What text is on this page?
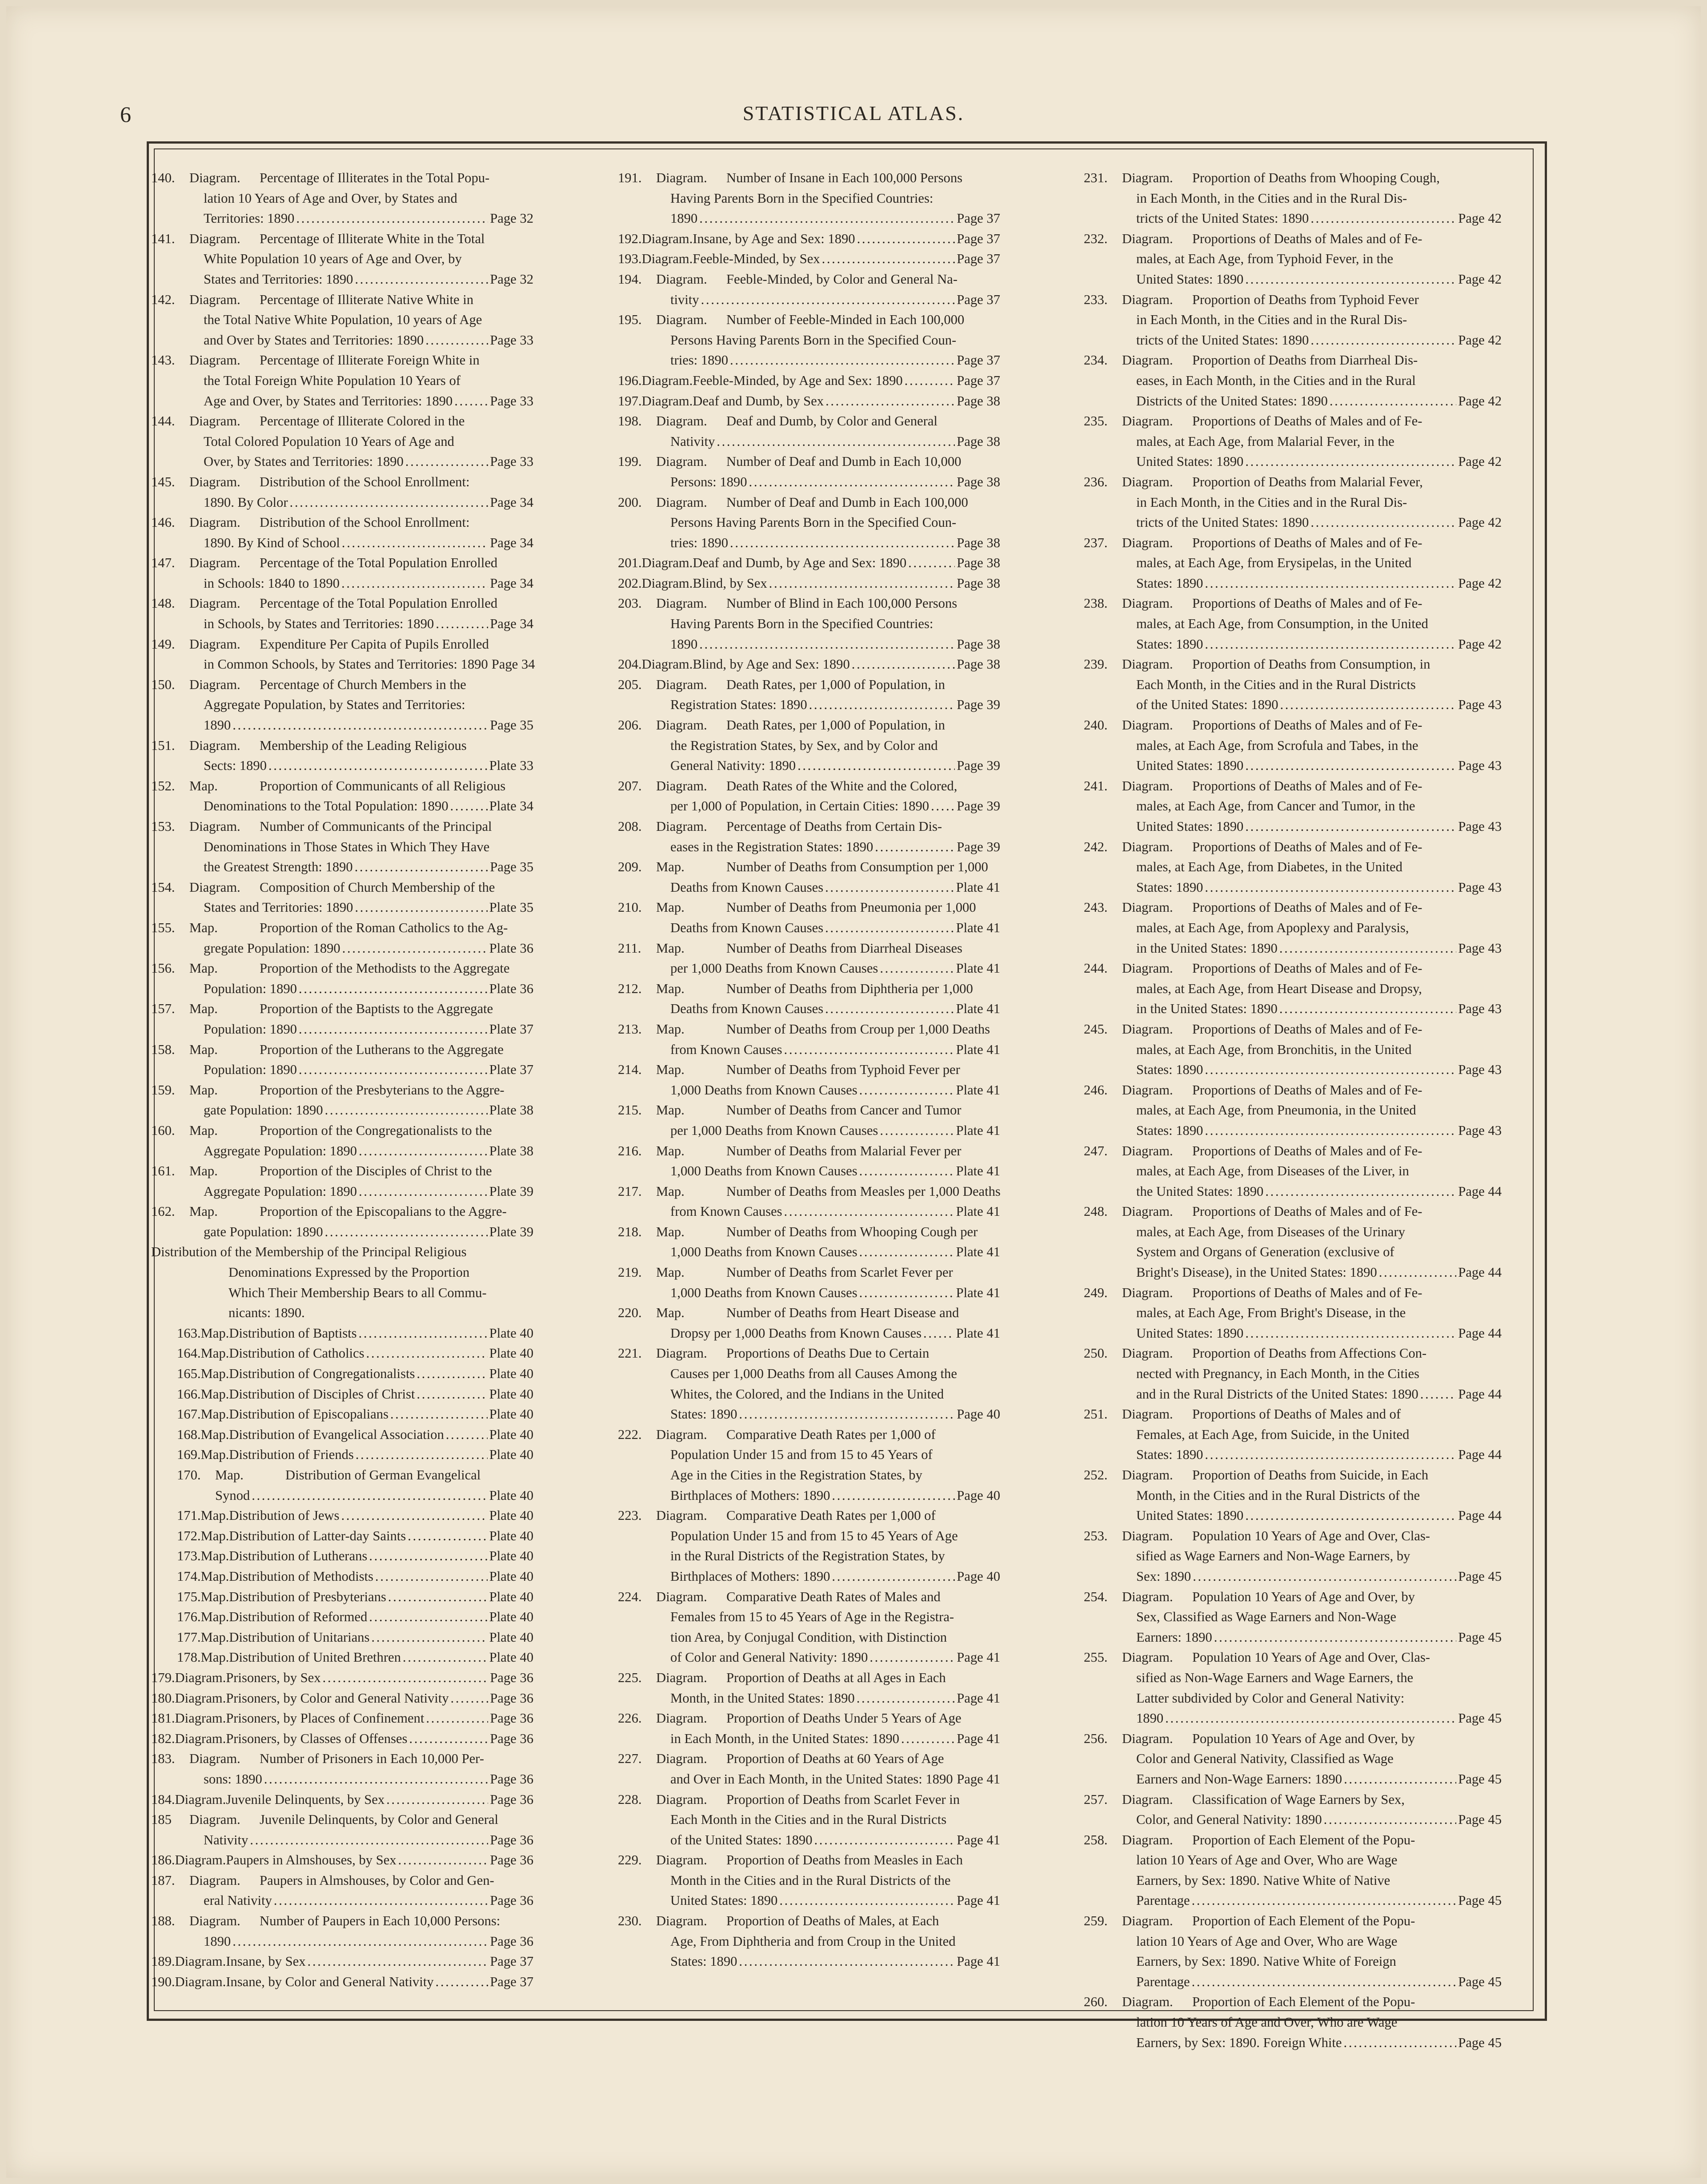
6	STATISTICAL ATLAS.
140. Diagram. Percentage of Illiterates in the Total Popu-
lation 10 Years of Age and Over, by States and
Territories: 1890 . . .	Page 32
141. Diagram. Percentage of Illiterate White in the Total
White Population 10 years of Age and Over, by
States and Territories: 1890 . . .	Page 32
142. Diagram. Percentage of Illiterate Native White in
the Total Native White Population, 10 years of Age
and Over by States and Territories: 1890 . . .	Page 33
143. Diagram. Percentage of Illiterate Foreign White in
the Total Foreign White Population 10 Years of
Age and Over, by States and Territories: 1890 . . .	Page 33
144. Diagram. Percentage of Illiterate Colored in the
Total Colored Population 10 Years of Age and
Over, by States and Territories: 1890 . . .	Page 33
145. Diagram. Distribution of the School Enrollment:
1890. By Color . . .	Page 34
146. Diagram. Distribution of the School Enrollment:
1890. By Kind of School . . .	Page 34
147. Diagram. Percentage of the Total Population Enrolled
in Schools: 1840 to 1890 . . .	Page 34
148. Diagram. Percentage of the Total Population Enrolled
in Schools, by States and Territories: 1890 . . .	Page 34
149. Diagram. Expenditure Per Capita of Pupils Enrolled
in Common Schools, by States and Territories: 1890 Page 34
150. Diagram. Percentage of Church Members in the
Aggregate Population, by States and Territories:
1890 . . .	Page 35
151. Diagram. Membership of the Leading Religious
Sects: 1890 . . .	Plate 33
152. Map.	Proportion of Communicants of all Religious
Denominations to the Total Population: 1890 . . .	Plate 34
153. Diagram. Number of Communicants of the Principal
Denominations in Those States in Which They Have
the Greatest Strength: 1890 . . .	Page 35
154. Diagram. Composition of Church Membership of the
States and Territories: 1890 . . .	Plate 35
155. Map.	Proportion of the Roman Catholics to the Ag-
gregate Population: 1890 . . .	Plate 36
156. Map.	Proportion of the Methodists to the Aggregate
Population: 1890 . . .	Plate 36
157. Map.	Proportion of the Baptists to the Aggregate
Population: 1890 . . .	Plate 37
158. Map.	Proportion of the Lutherans to the Aggregate
Population: 1890 . . .	Plate 37
159. Map.	Proportion of the Presbyterians to the Aggre-
gate Population: 1890 . . .	Plate 38
160. Map.	Proportion of the Congregationalists to the
Aggregate Population: 1890 . . .	Plate 38
161. Map.	Proportion of the Disciples of Christ to the
Aggregate Population: 1890 . . .	Plate 39
162. Map.	Proportion of the Episcopalians to the Aggre-
gate Population: 1890 . . .	Plate 39
Distribution of the Membership of the Principal Religious
Denominations Expressed by the Proportion
Which Their Membership Bears to all Commu-
nicants: 1890.
163. Map. Distribution of Baptists . . .	Plate 40
164. Map. Distribution of Catholics . . .	Plate 40
165. Map. Distribution of Congregationalists . . .	Plate 40
166. Map. Distribution of Disciples of Christ . . .	Plate 40
167. Map. Distribution of Episcopalians . . .	Plate 40
168. Map. Distribution of Evangelical Association . . .	Plate 40
169. Map. Distribution of Friends . . .	Plate 40
170. Map.	Distribution of German Evangelical
Synod . . .	Plate 40
171. Map. Distribution of Jews . . .	Plate 40
172. Map. Distribution of Latter-day Saints . . .	Plate 40
173. Map. Distribution of Lutherans . . .	Plate 40
174. Map. Distribution of Methodists . . .	Plate 40
175. Map. Distribution of Presbyterians . . .	Plate 40
176. Map. Distribution of Reformed . . .	Plate 40
177. Map. Distribution of Unitarians . . .	Plate 40
178. Map. Distribution of United Brethren . . .	Plate 40
179. Diagram. Prisoners, by Sex . . .	Page 36
180. Diagram. Prisoners, by Color and General Nativity . . .	Page 36
181. Diagram. Prisoners, by Places of Confinement . . .	Page 36
182. Diagram. Prisoners, by Classes of Offenses . . .	Page 36
183. Diagram. Number of Prisoners in Each 10,000 Per-
sons: 1890 . . .	Page 36
184. Diagram. Juvenile Delinquents, by Sex . . .	Page 36
185 Diagram. Juvenile Delinquents, by Color and General
Nativity . . .	Page 36
186. Diagram. Paupers in Almshouses, by Sex . . .	Page 36
187. Diagram. Paupers in Almshouses, by Color and Gen-
eral Nativity . . .	Page 36
188. Diagram. Number of Paupers in Each 10,000 Persons:
1890 . . .	Page 36
189. Diagram. Insane, by Sex . . .	Page 37
190. Diagram. Insane, by Color and General Nativity . . .	Page 37
191. Diagram. Number of Insane in Each 100,000 Persons
Having Parents Born in the Specified Countries:
1890 . . .	Page 37
192. Diagram. Insane, by Age and Sex: 1890 . . .	Page 37
193. Diagram. Feeble-Minded, by Sex . . .	Page 37
194. Diagram. Feeble-Minded, by Color and General Na-
tivity . . .	Page 37
195. Diagram. Number of Feeble-Minded in Each 100,000
Persons Having Parents Born in the Specified Coun-
tries: 1890 . . .	Page 37
196. Diagram. Feeble-Minded, by Age and Sex: 1890 . . .	Page 37
197. Diagram. Deaf and Dumb, by Sex . . .	Page 38
198. Diagram. Deaf and Dumb, by Color and General
Nativity . . .	Page 38
199. Diagram. Number of Deaf and Dumb in Each 10,000
Persons: 1890 . . .	Page 38
200. Diagram. Number of Deaf and Dumb in Each 100,000
Persons Having Parents Born in the Specified Coun-
tries: 1890 . . .	Page 38
201. Diagram. Deaf and Dumb, by Age and Sex: 1890 . . .	Page 38
202. Diagram. Blind, by Sex . . .	Page 38
203. Diagram. Number of Blind in Each 100,000 Persons
Having Parents Born in the Specified Countries:
1890 . . .	Page 38
204. Diagram. Blind, by Age and Sex: 1890 . . .	Page 38
205. Diagram. Death Rates, per 1,000 of Population, in
Registration States: 1890 . . .	Page 39
206. Diagram. Death Rates, per 1,000 of Population, in
the Registration States, by Sex, and by Color and
General Nativity: 1890 . . .	Page 39
207. Diagram. Death Rates of the White and the Colored,
per 1,000 of Population, in Certain Cities: 1890 . . . Page 39
208. Diagram. Percentage of Deaths from Certain Dis-
eases in the Registration States: 1890 . . .	Page 39
209. Map.	Number of Deaths from Consumption per 1,000
Deaths from Known Causes . . .	Plate 41
210. Map.	Number of Deaths from Pneumonia per 1,000
Deaths from Known Causes . . .	Plate 41
211. Map.	Number of Deaths from Diarrheal Diseases
per 1,000 Deaths from Known Causes . . .	Plate 41
212. Map.	Number of Deaths from Diphtheria per 1,000
Deaths from Known Causes . . .	Plate 41
213. Map.	Number of Deaths from Croup per 1,000 Deaths
from Known Causes . . .	Plate 41
214. Map.	Number of Deaths from Typhoid Fever per
1,000 Deaths from Known Causes . . .	Plate 41
215. Map.	Number of Deaths from Cancer and Tumor
per 1,000 Deaths from Known Causes . . .	Plate 41
216. Map.	Number of Deaths from Malarial Fever per
1,000 Deaths from Known Causes . . .	Plate 41
217. Map.	Number of Deaths from Measles per 1,000 Deaths
from Known Causes . . .	Plate 41
218. Map.	Number of Deaths from Whooping Cough per
1,000 Deaths from Known Causes . . .	Plate 41
219. Map.	Number of Deaths from Scarlet Fever per
1,000 Deaths from Known Causes . . .	Plate 41
220. Map.	Number of Deaths from Heart Disease and
Dropsy per 1,000 Deaths from Known Causes . . .	Plate 41
221. Diagram. Proportions of Deaths Due to Certain
Causes per 1,000 Deaths from all Causes Among the
Whites, the Colored, and the Indians in the United
States: 1890 . . .	Page 40
222. Diagram. Comparative Death Rates per 1,000 of
Population Under 15 and from 15 to 45 Years of
Age in the Cities in the Registration States, by
Birthplaces of Mothers: 1890 . . .	Page 40
223. Diagram. Comparative Death Rates per 1,000 of
Population Under 15 and from 15 to 45 Years of Age
in the Rural Districts of the Registration States, by
Birthplaces of Mothers: 1890 . . .	Page 40
224. Diagram. Comparative Death Rates of Males and
Females from 15 to 45 Years of Age in the Registra-
tion Area, by Conjugal Condition, with Distinction
of Color and General Nativity: 1890 . . .	Page 41
225. Diagram. Proportion of Deaths at all Ages in Each
Month, in the United States: 1890 . . .	Page 41
226. Diagram. Proportion of Deaths Under 5 Years of Age
in Each Month, in the United States: 1890 . . .	Page 41
227. Diagram. Proportion of Deaths at 60 Years of Age
and Over in Each Month, in the United States: 1890 . . . Page 41
228. Diagram. Proportion of Deaths from Scarlet Fever in
Each Month in the Cities and in the Rural Districts
of the United States: 1890 . . .	Page 41
229. Diagram. Proportion of Deaths from Measles in Each
Month in the Cities and in the Rural Districts of the
United States: 1890 . . .	Page 41
230. Diagram. Proportion of Deaths of Males, at Each
Age, From Diphtheria and from Croup in the United
States: 1890 . . .	Page 41
231. Diagram. Proportion of Deaths from Whooping Cough,
in Each Month, in the Cities and in the Rural Dis-
tricts of the United States: 1890 . . .	Page 42
232. Diagram. Proportions of Deaths of Males and of Fe-
males, at Each Age, from Typhoid Fever, in the
United States: 1890 . . .	Page 42
233. Diagram. Proportion of Deaths from Typhoid Fever
in Each Month, in the Cities and in the Rural Dis-
tricts of the United States: 1890 . . .	Page 42
234. Diagram. Proportion of Deaths from Diarrheal Dis-
eases, in Each Month, in the Cities and in the Rural
Districts of the United States: 1890 . . .	Page 42
235. Diagram. Proportions of Deaths of Males and of Fe-
males, at Each Age, from Malarial Fever, in the
United States: 1890 . . .	Page 42
236. Diagram. Proportion of Deaths from Malarial Fever,
in Each Month, in the Cities and in the Rural Dis-
tricts of the United States: 1890 . . .	Page 42
237. Diagram. Proportions of Deaths of Males and of Fe-
males, at Each Age, from Erysipelas, in the United
States: 1890 . . .	Page 42
238. Diagram. Proportions of Deaths of Males and of Fe-
males, at Each Age, from Consumption, in the United
States: 1890 . . .	Page 42
239. Diagram. Proportion of Deaths from Consumption, in
Each Month, in the Cities and in the Rural Districts
of the United States: 1890 . . .	Page 43
240. Diagram. Proportions of Deaths of Males and of Fe-
males, at Each Age, from Scrofula and Tabes, in the
United States: 1890 . . .	Page 43
241. Diagram. Proportions of Deaths of Males and of Fe-
males, at Each Age, from Cancer and Tumor, in the
United States: 1890 . . .	Page 43
242. Diagram. Proportions of Deaths of Males and of Fe-
males, at Each Age, from Diabetes, in the United
States: 1890 . . .	Page 43
243. Diagram. Proportions of Deaths of Males and of Fe-
males, at Each Age, from Apoplexy and Paralysis,
in the United States: 1890 . . .	Page 43
244. Diagram. Proportions of Deaths of Males and of Fe-
males, at Each Age, from Heart Disease and Dropsy,
in the United States: 1890 . . .	Page 43
245. Diagram. Proportions of Deaths of Males and of Fe-
males, at Each Age, from Bronchitis, in the United
States: 1890 . . .	Page 43
246. Diagram. Proportions of Deaths of Males and of Fe-
males, at Each Age, from Pneumonia, in the United
States: 1890 . . .	Page 43
247. Diagram. Proportions of Deaths of Males and of Fe-
males, at Each Age, from Diseases of the Liver, in
the United States: 1890 . . .	Page 44
248. Diagram. Proportions of Deaths of Males and of Fe-
males, at Each Age, from Diseases of the Urinary
System and Organs of Generation (exclusive of
Bright's Disease), in the United States: 1890 . . .	Page 44
249. Diagram. Proportions of Deaths of Males and of Fe-
males, at Each Age, From Bright's Disease, in the
United States: 1890 . . .	Page 44
250. Diagram. Proportion of Deaths from Affections Con-
nected with Pregnancy, in Each Month, in the Cities
and in the Rural Districts of the United States: 1890 . . .	Page 44
251. Diagram. Proportions of Deaths of Males and of
Females, at Each Age, from Suicide, in the United
States: 1890 . . .	Page 44
252. Diagram. Proportion of Deaths from Suicide, in Each
Month, in the Cities and in the Rural Districts of the
United States: 1890 . . .	Page 44
253. Diagram. Population 10 Years of Age and Over, Clas-
sified as Wage Earners and Non-Wage Earners, by
Sex: 1890 . . .	Page 45
254. Diagram. Population 10 Years of Age and Over, by
Sex, Classified as Wage Earners and Non-Wage
Earners: 1890 . . .	Page 45
255. Diagram. Population 10 Years of Age and Over, Clas-
sified as Non-Wage Earners and Wage Earners, the
Latter subdivided by Color and General Nativity:
1890 . . .	Page 45
256. Diagram. Population 10 Years of Age and Over, by
Color and General Nativity, Classified as Wage
Earners and Non-Wage Earners: 1890 . . .	Page 45
257. Diagram. Classification of Wage Earners by Sex,
Color, and General Nativity: 1890 . . .	Page 45
258. Diagram. Proportion of Each Element of the Popu-
lation 10 Years of Age and Over, Who are Wage
Earners, by Sex: 1890. Native White of Native
Parentage . . .	Page 45
259. Diagram. Proportion of Each Element of the Popu-
lation 10 Years of Age and Over, Who are Wage
Earners, by Sex: 1890. Native White of Foreign
Parentage . . .	Page 45
260. Diagram. Proportion of Each Element of the Popu-
lation 10 Years of Age and Over, Who are Wage
Earners, by Sex: 1890. Foreign White . . .	Page 45
